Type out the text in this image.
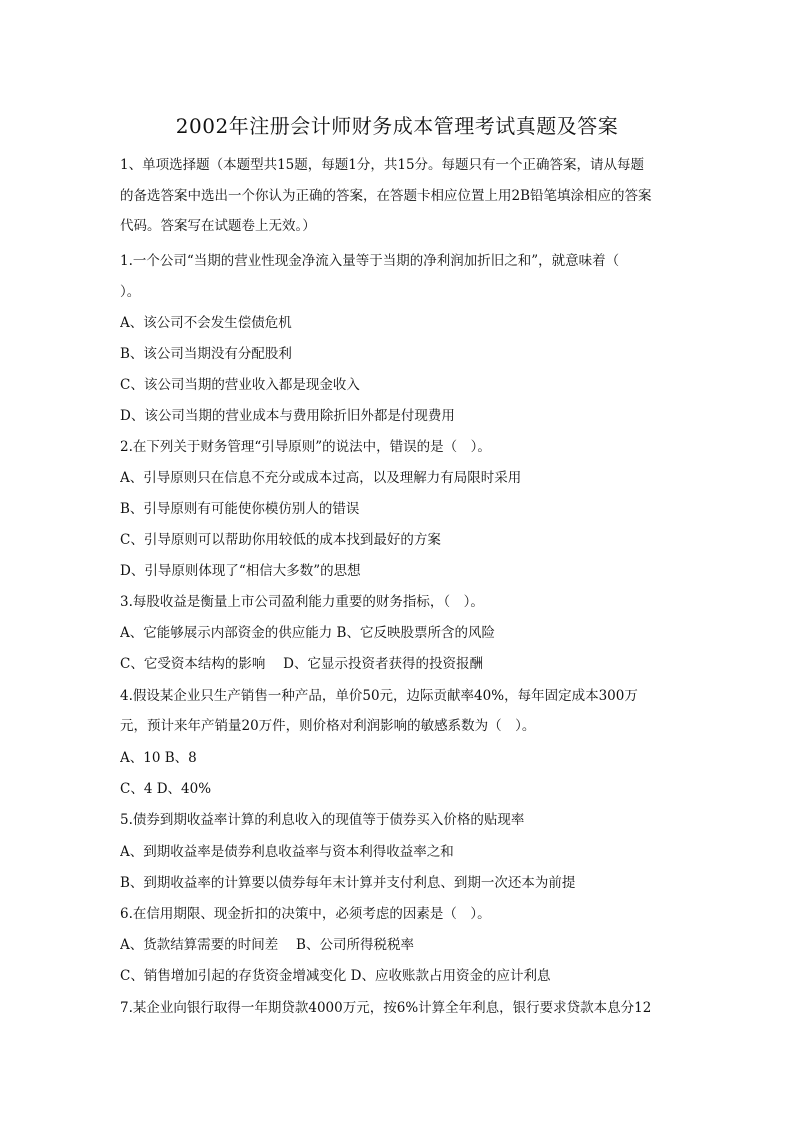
2002年注册会计师财务成本管理考试真题及答案
1、单项选择题（本题型共15题，每题1分，共15分。每题只有一个正确答案，请从每题
的备选答案中选出一个你认为正确的答案，在答题卡相应位置上用2B铅笔填涂相应的答案
代码。答案写在试题卷上无效。）
1.一个公司“当期的营业性现金净流入量等于当期的净利润加折旧之和”，就意味着（
）。
A、该公司不会发生偿债危机
B、该公司当期没有分配股利
C、该公司当期的营业收入都是现金收入
D、该公司当期的营业成本与费用除折旧外都是付现费用
2.在下列关于财务管理“引导原则”的说法中，错误的是（　）。
A、引导原则只在信息不充分或成本过高，以及理解力有局限时采用
B、引导原则有可能使你模仿别人的错误
C、引导原则可以帮助你用较低的成本找到最好的方案
D、引导原则体现了“相信大多数”的思想
3.每股收益是衡量上市公司盈利能力重要的财务指标，（　）。
A、它能够展示内部资金的供应能力 B、它反映股票所含的风险
C、它受资本结构的影响　 D、它显示投资者获得的投资报酬
4.假设某企业只生产销售一种产品，单价50元，边际贡献率40%，每年固定成本300万
元，预计来年产销量20万件，则价格对利润影响的敏感系数为（　）。
A、10 B、8
C、4 D、40%
5.债券到期收益率计算的利息收入的现值等于债券买入价格的贴现率
A、到期收益率是债券利息收益率与资本利得收益率之和
B、到期收益率的计算要以债券每年末计算并支付利息、到期一次还本为前提
6.在信用期限、现金折扣的决策中，必须考虑的因素是（　）。
A、货款结算需要的时间差　 B、公司所得税税率
C、销售增加引起的存货资金增减变化 D、应收账款占用资金的应计利息
7.某企业向银行取得一年期贷款4000万元，按6%计算全年利息，银行要求贷款本息分12
